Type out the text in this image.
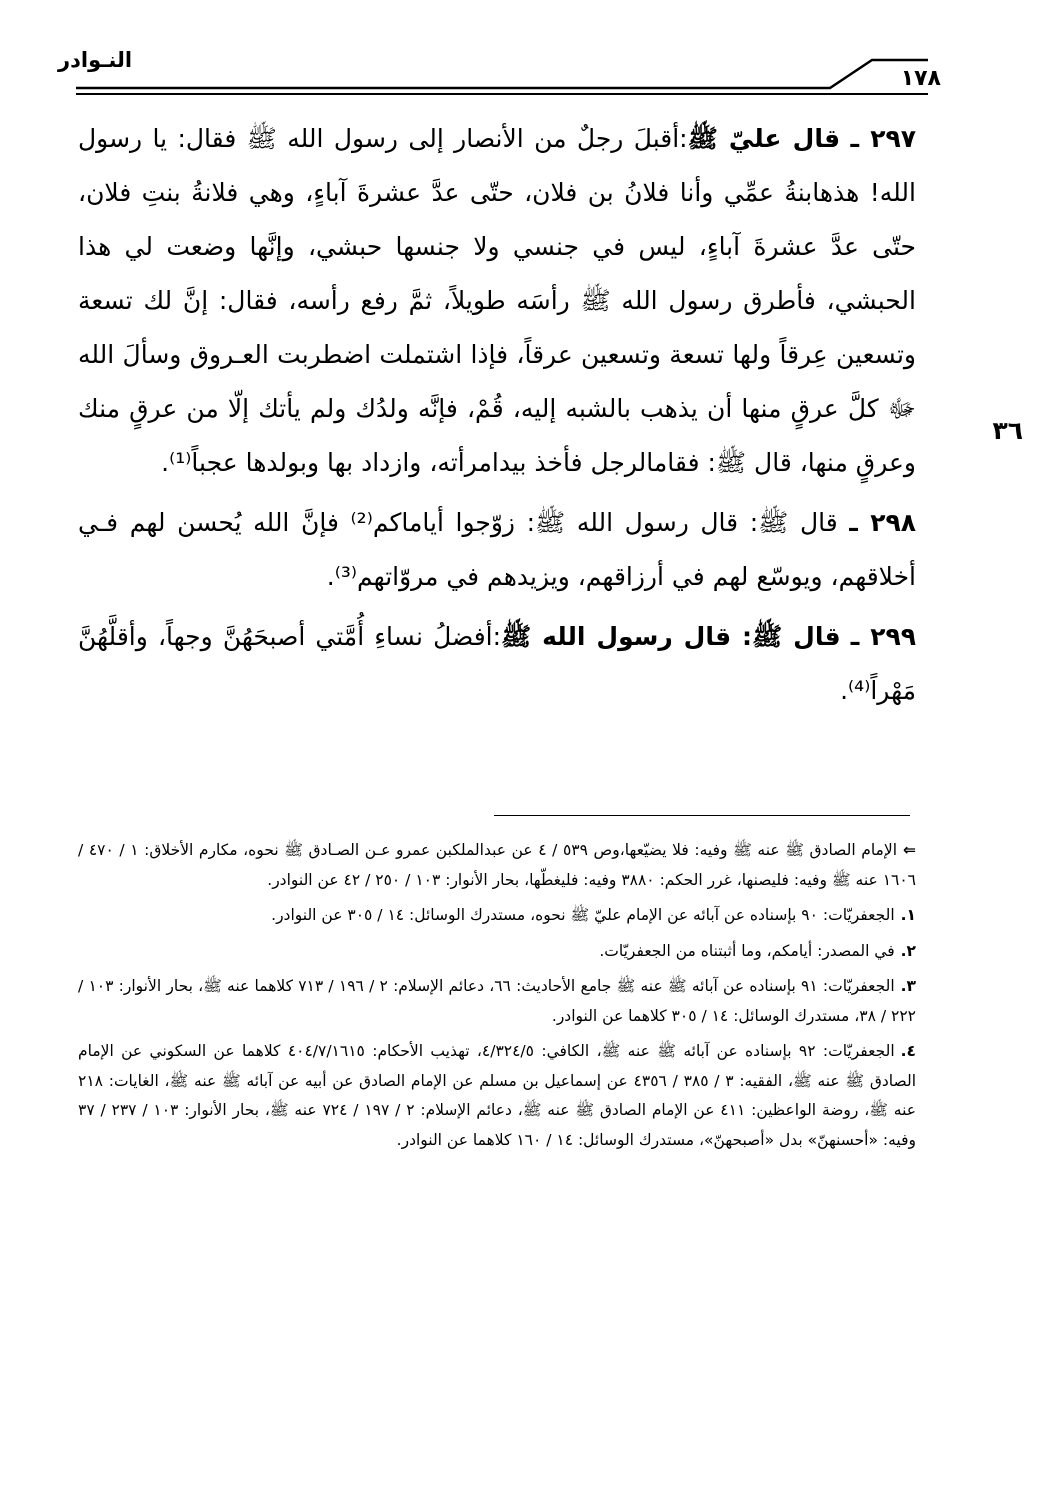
النـوادر
١٧٨
٣٦

٢٩٧ ـ قال عليّ ﷺ:أقبلَ رجلٌ من الأنصار إلى رسول الله ﷺ فقال: يا رسول الله! هذهابنةُ عمِّي وأنا فلانُ بن فلان، حتّى عدَّ عشرةَ آباءٍ، وهي فلانةُ بنتِ فلان، حتّى عدَّ عشرةَ آباءٍ، ليس في جنسي ولا جنسها حبشي، وإنَّها وضعت لي هذا الحبشي، فأطرق رسول الله ﷺ رأسَه طويلاً، ثمَّ رفع رأسه، فقال: إنَّ لك تسعة وتسعين عِرقاً ولها تسعة وتسعين عرقاً، فإذا اشتملت اضطربت العـروق وسألَ الله ﷻ كلَّ عرقٍ منها أن يذهب بالشبه إليه، قُمْ، فإنَّه ولدُك ولم يأتك إلّا من عرقٍ منك وعرقٍ منها، قال ﷺ: فقامالرجل فأخذ بيدامرأته، وازداد بها وبولدها عجباً⁽¹⁾.

٢٩٨ ـ قال ﷺ: قال رسول الله ﷺ: زوّجوا أياماكم⁽²⁾ فإنَّ الله يُحسن لهم فـي أخلاقهم، ويوسّع لهم في أرزاقهم، ويزيدهم في مروّاتهم⁽³⁾.

٢٩٩ ـ قال ﷺ: قال رسول الله ﷺ:أفضلُ نساءِ أُمَّتي أصبحَهُنَّ وجهاً، وأقلَّهُنَّ مَهْراً⁽⁴⁾.

⇐الإمام الصادق ﷺ عنه ﷺ وفيه: فلا يضيّعها،وص ٥٣٩ / ٤ عن عبدالملكبن عمرو عـن الصـادق ﷺ نحوه، مكارم الأخلاق: ١ / ٤٧٠ / ١٦٠٦ عنه ﷺ وفيه: فليصنها، غرر الحكم: ٣٨٨٠ وفيه: فليغطّها، بحار الأنوار: ١٠٣ / ٢٥٠ / ٤٢ عن النوادر.

١.الجعفريّات: ٩٠ بإسناده عن آبائه عن الإمام عليّ ﷺ نحوه، مستدرك الوسائل: ١٤ / ٣٠٥ عن النوادر.

٢.في المصدر: أيامكم، وما أثبتناه من الجعفريّات.

٣.الجعفريّات: ٩١ بإسناده عن آبائه ﷺ عنه ﷺ جامع الأحاديث: ٦٦، دعائم الإسلام: ٢ / ١٩٦ / ٧١٣ كلاهما عنه ﷺ، بحار الأنوار: ١٠٣ / ٢٢٢ / ٣٨، مستدرك الوسائل: ١٤ / ٣٠٥ كلاهما عن النوادر.

٤.الجعفريّات: ٩٢ بإسناده عن آبائه ﷺ عنه ﷺ، الكافي: ٤/٣٢٤/٥، تهذيب الأحكام: ٤٠٤/٧/١٦١٥ كلاهما عن السكوني عن الإمام الصادق ﷺ عنه ﷺ، الفقيه: ٣ / ٣٨٥ / ٤٣٥٦ عن إسماعيل بن مسلم عن الإمام الصادق عن أبيه عن آبائه ﷺ عنه ﷺ، الغايات: ٢١٨ عنه ﷺ، روضة الواعظين: ٤١١ عن الإمام الصادق ﷺ عنه ﷺ، دعائم الإسلام: ٢ / ١٩٧ / ٧٢٤ عنه ﷺ، بحار الأنوار: ١٠٣ / ٢٣٧ / ٣٧ وفيه: «أحسنهنّ» بدل «أصبحهنّ»، مستدرك الوسائل: ١٤ / ١٦٠ كلاهما عن النوادر.
